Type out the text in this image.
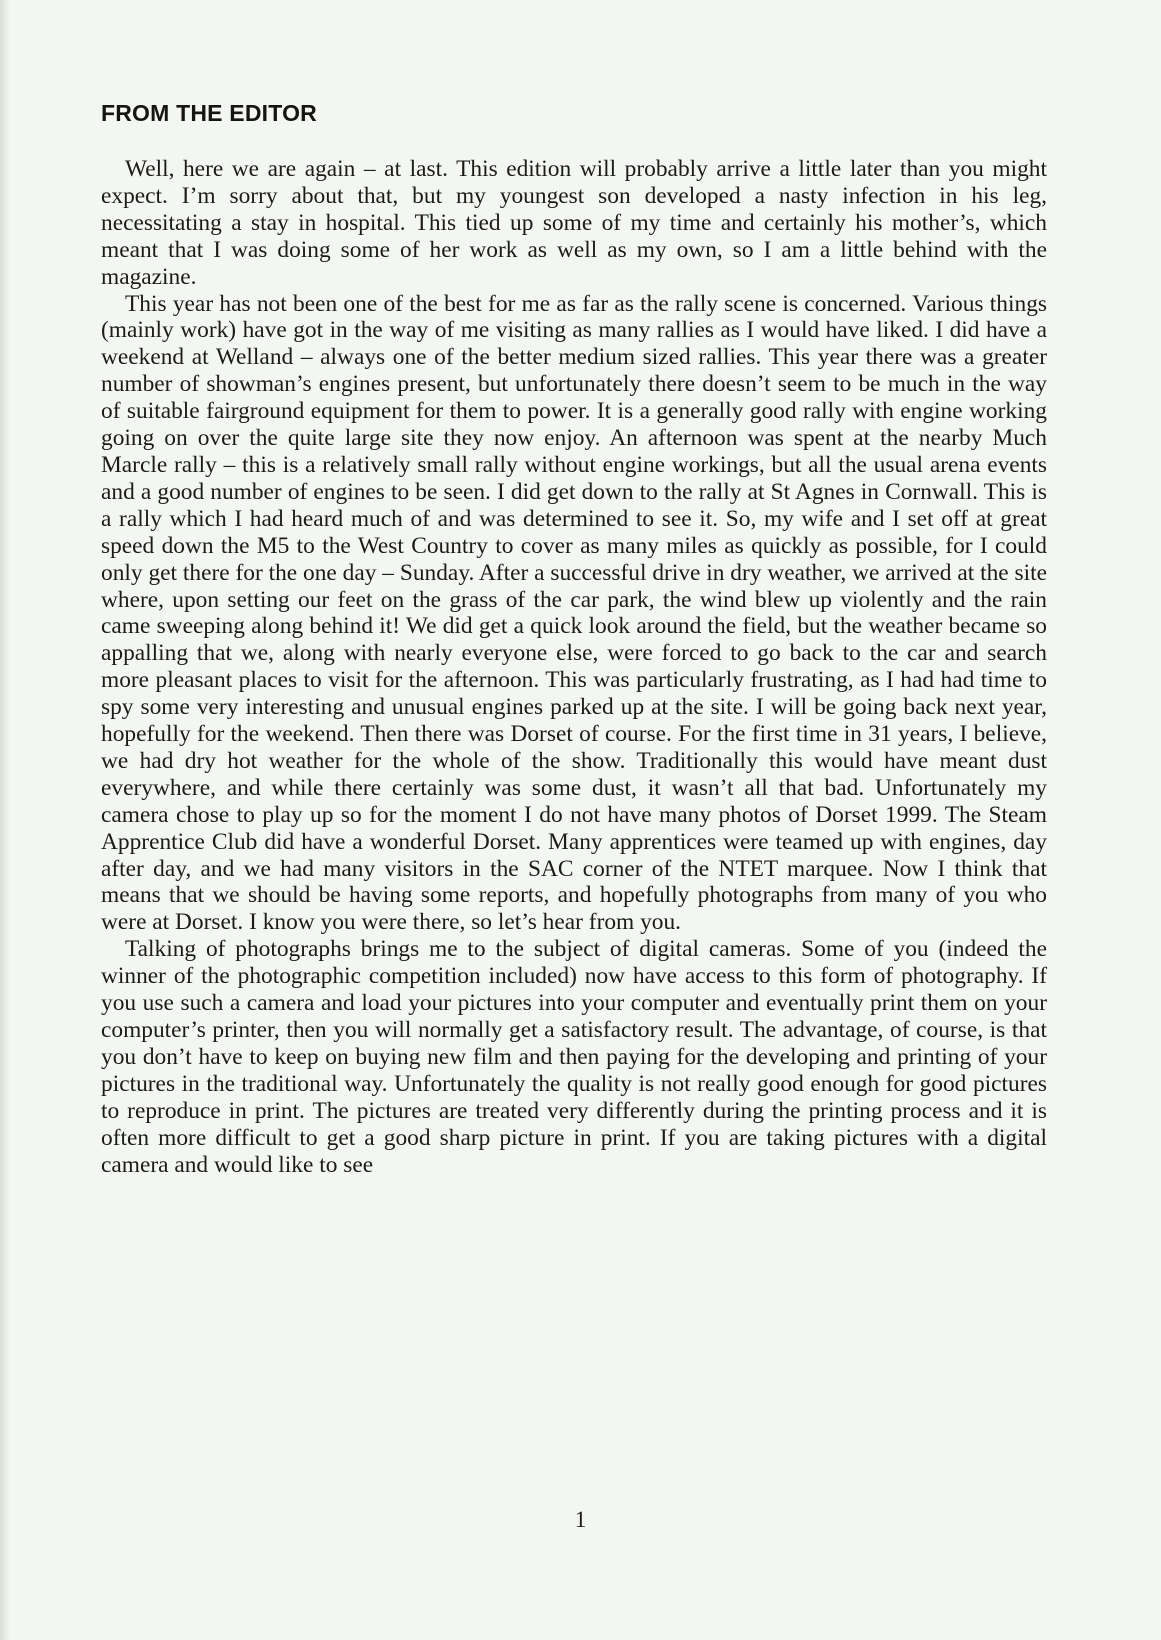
FROM THE EDITOR

Well, here we are again – at last. This edition will probably arrive a little later than you might expect. I’m sorry about that, but my youngest son developed a nasty infection in his leg, necessitating a stay in hospital. This tied up some of my time and certainly his mother’s, which meant that I was doing some of her work as well as my own, so I am a little behind with the magazine.

This year has not been one of the best for me as far as the rally scene is concerned. Various things (mainly work) have got in the way of me visiting as many rallies as I would have liked. I did have a weekend at Welland – always one of the better medium sized rallies. This year there was a greater number of showman’s engines present, but unfortunately there doesn’t seem to be much in the way of suitable fairground equipment for them to power. It is a generally good rally with engine working going on over the quite large site they now enjoy. An afternoon was spent at the nearby Much Marcle rally – this is a relatively small rally without engine workings, but all the usual arena events and a good number of engines to be seen. I did get down to the rally at St Agnes in Cornwall. This is a rally which I had heard much of and was determined to see it. So, my wife and I set off at great speed down the M5 to the West Country to cover as many miles as quickly as possible, for I could only get there for the one day – Sunday. After a successful drive in dry weather, we arrived at the site where, upon setting our feet on the grass of the car park, the wind blew up violently and the rain came sweeping along behind it! We did get a quick look around the field, but the weather became so appalling that we, along with nearly everyone else, were forced to go back to the car and search more pleasant places to visit for the afternoon. This was particularly frustrating, as I had had time to spy some very interesting and unusual engines parked up at the site. I will be going back next year, hopefully for the weekend. Then there was Dorset of course. For the first time in 31 years, I believe, we had dry hot weather for the whole of the show. Traditionally this would have meant dust everywhere, and while there certainly was some dust, it wasn’t all that bad. Unfortunately my camera chose to play up so for the moment I do not have many photos of Dorset 1999. The Steam Apprentice Club did have a wonderful Dorset. Many apprentices were teamed up with engines, day after day, and we had many visitors in the SAC corner of the NTET marquee. Now I think that means that we should be having some reports, and hopefully photographs from many of you who were at Dorset. I know you were there, so let’s hear from you.

Talking of photographs brings me to the subject of digital cameras. Some of you (indeed the winner of the photographic competition included) now have access to this form of photography. If you use such a camera and load your pictures into your computer and eventually print them on your computer’s printer, then you will normally get a satisfactory result. The advantage, of course, is that you don’t have to keep on buying new film and then paying for the developing and printing of your pictures in the traditional way. Unfortunately the quality is not really good enough for good pictures to reproduce in print. The pictures are treated very differently during the printing process and it is often more difficult to get a good sharp picture in print. If you are taking pictures with a digital camera and would like to see

1
